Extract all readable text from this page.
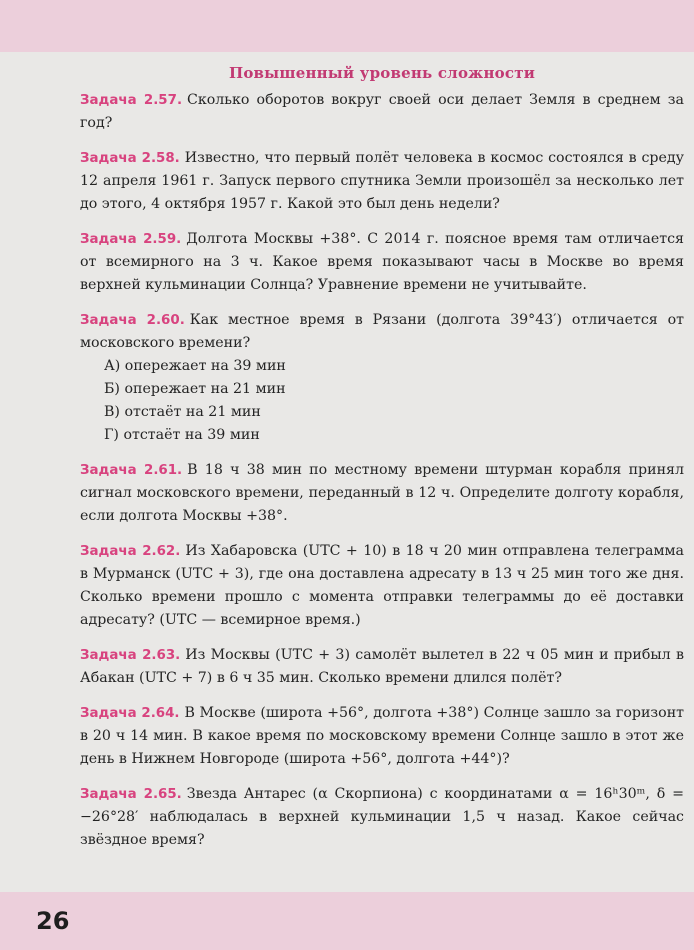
Повышенный уровень сложности
Задача 2.57. Сколько оборотов вокруг своей оси делает Земля в среднем за год?
Задача 2.58. Известно, что первый полёт человека в космос состоялся в среду 12 апреля 1961 г. Запуск первого спутника Земли произошёл за несколько лет до этого, 4 октября 1957 г. Какой это был день недели?
Задача 2.59. Долгота Москвы +38°. С 2014 г. поясное время там отличается от всемирного на 3 ч. Какое время показывают часы в Москве во время верхней кульминации Солнца? Уравнение времени не учитывайте.
Задача 2.60. Как местное время в Рязани (долгота 39°43′) отличается от московского времени?
А) опережает на 39 мин
Б) опережает на 21 мин
В) отстаёт на 21 мин
Г) отстаёт на 39 мин
Задача 2.61. В 18 ч 38 мин по местному времени штурман корабля принял сигнал московского времени, переданный в 12 ч. Определите долготу корабля, если долгота Москвы +38°.
Задача 2.62. Из Хабаровска (UTC + 10) в 18 ч 20 мин отправлена телеграмма в Мурманск (UTC + 3), где она доставлена адресату в 13 ч 25 мин того же дня. Сколько времени прошло с момента отправки телеграммы до её доставки адресату? (UTC — всемирное время.)
Задача 2.63. Из Москвы (UTC + 3) самолёт вылетел в 22 ч 05 мин и прибыл в Абакан (UTC + 7) в 6 ч 35 мин. Сколько времени длился полёт?
Задача 2.64. В Москве (широта +56°, долгота +38°) Солнце зашло за горизонт в 20 ч 14 мин. В какое время по московскому времени Солнце зашло в этот же день в Нижнем Новгороде (широта +56°, долгота +44°)?
Задача 2.65. Звезда Антарес (α Скорпиона) с координатами α = 16ʰ30ᵐ, δ = −26°28′ наблюдалась в верхней кульминации 1,5 ч назад. Какое сейчас звёздное время?
26
